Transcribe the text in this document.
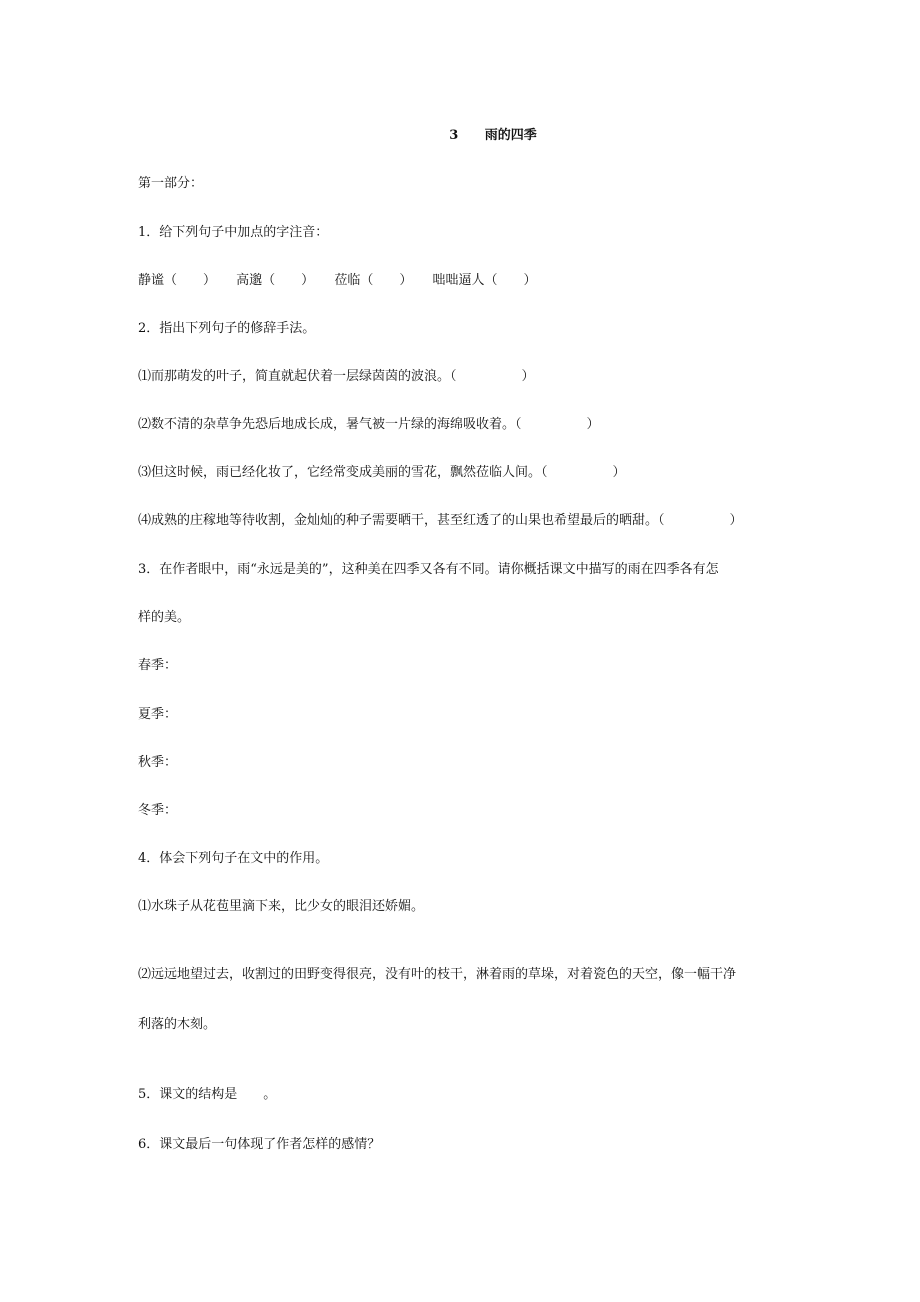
3 雨的四季
第一部分：
1．给下列句子中加点的字注音：
静谧（　　） 高邈（　　） 莅临（　　） 咄咄逼人（　　）
2．指出下列句子的修辞手法。
⑴而那萌发的叶子，简直就起伏着一层绿茵茵的波浪。（　　　　　）
⑵数不清的杂草争先恐后地成长成，暑气被一片绿的海绵吸收着。（　　　　　）
⑶但这时候，雨已经化妆了，它经常变成美丽的雪花，飘然莅临人间。（　　　　　）
⑷成熟的庄稼地等待收割，金灿灿的种子需要晒干，甚至红透了的山果也希望最后的晒甜。（　　　　　）
3．在作者眼中，雨“永远是美的”，这种美在四季又各有不同。请你概括课文中描写的雨在四季各有怎
样的美。
春季：
夏季：
秋季：
冬季：
4．体会下列句子在文中的作用。
⑴水珠子从花苞里滴下来，比少女的眼泪还娇媚。
⑵远远地望过去，收割过的田野变得很亮，没有叶的枝干，淋着雨的草垛，对着瓷色的天空，像一幅干净
利落的木刻。
5．课文的结构是　　。
6．课文最后一句体现了作者怎样的感情？
